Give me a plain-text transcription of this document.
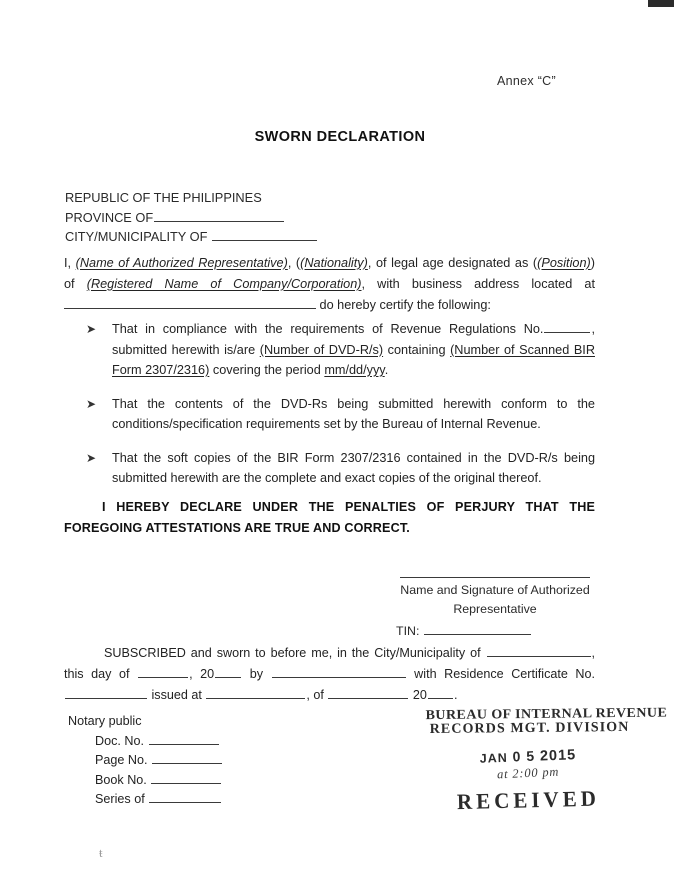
Annex “C”
SWORN DECLARATION
REPUBLIC OF THE PHILIPPINES
PROVINCE OF
CITY/MUNICIPALITY OF
I, (Name of Authorized Representative), ((Nationality), of legal age designated as ((Position)) of (Registered Name of Company/Corporation), with business address located at  do hereby certify the following:
➤ That in compliance with the requirements of Revenue Regulations No.	, submitted herewith is/are (Number of DVD-R/s) containing (Number of Scanned BIR Form 2307/2316) covering the period mm/dd/yyy.
➤ That the contents of the DVD-Rs being submitted herewith conform to the conditions/specification requirements set by the Bureau of Internal Revenue.
➤ That the soft copies of the BIR Form 2307/2316 contained in the DVD-R/s being submitted herewith are the complete and exact copies of the original thereof.
I HEREBY DECLARE UNDER THE PENALTIES OF PERJURY THAT THE FOREGOING ATTESTATIONS ARE TRUE AND CORRECT.
Name and Signature of Authorized
Representative
TIN:
SUBSCRIBED and sworn to before me, in the City/Municipality of	, this day of	, 20	by	with Residence Certificate No.  issued at	, of	20 .
Notary public
Doc. No.
Page No.
Book No.
Series of
BUREAU OF INTERNAL REVENUE
RECORDS MGT. DIVISION
JAN 0 5 2015
at 2:00 pm
RECEIVED
ŧ
